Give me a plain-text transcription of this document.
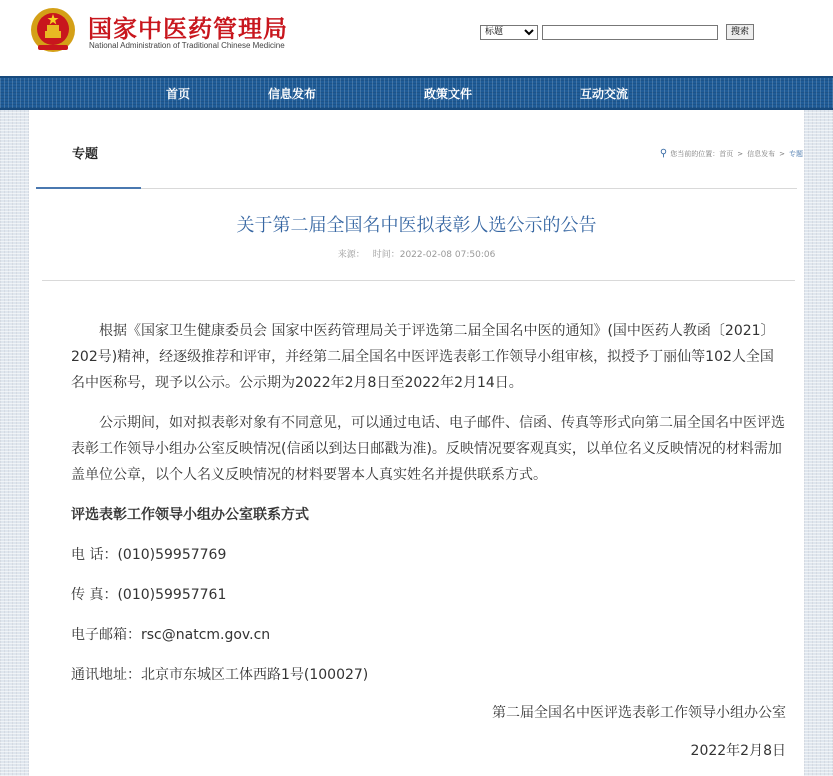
国家中医药管理局
National Administration of Traditional Chinese Medicine
标题
搜索
首页	信息发布	政策文件	互动交流
专题	⚲ 您当前的位置： 首页 > 信息发布 > 专题
关于第二届全国名中医拟表彰人选公示的公告
来源： 时间：2022-02-08 07:50:06

根据《国家卫生健康委员会 国家中医药管理局关于评选第二届全国名中医的通知》(国中医药人教函〔2021〕202号)精神，经逐级推荐和评审，并经第二届全国名中医评选表彰工作领导小组审核，拟授予丁丽仙等102人全国名中医称号，现予以公示。公示期为2022年2月8日至2022年2月14日。

公示期间，如对拟表彰对象有不同意见，可以通过电话、电子邮件、信函、传真等形式向第二届全国名中医评选表彰工作领导小组办公室反映情况(信函以到达日邮戳为准)。反映情况要客观真实，以单位名义反映情况的材料需加盖单位公章，以个人名义反映情况的材料要署本人真实姓名并提供联系方式。

评选表彰工作领导小组办公室联系方式

电 话：(010)59957769

传 真：(010)59957761

电子邮箱：rsc@natcm.gov.cn

通讯地址：北京市东城区工体西路1号(100027)

第二届全国名中医评选表彰工作领导小组办公室

2022年2月8日
